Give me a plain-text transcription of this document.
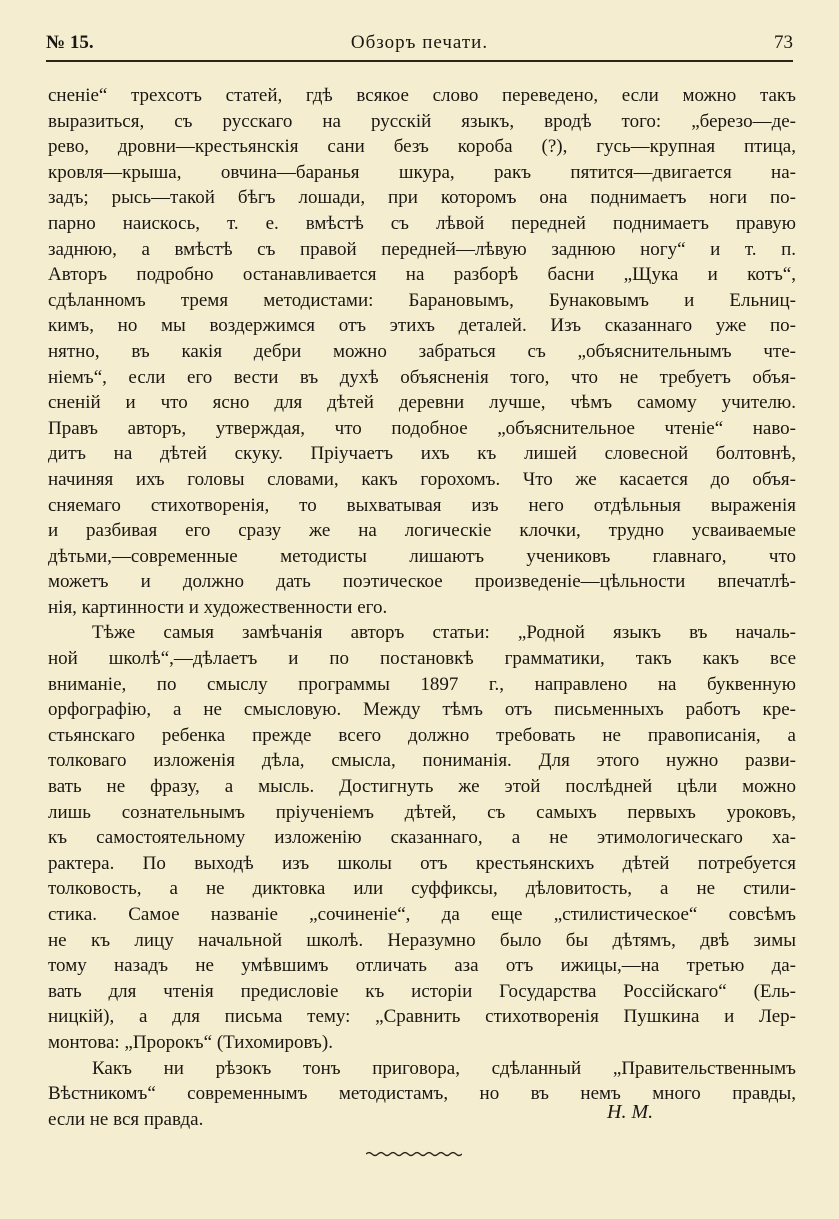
№ 15.	Обзоръ печати.	73
сненіе“ трехсотъ статей, гдѣ всякое слово переведено, если можно такъ
выразиться, съ русскаго на русскій языкъ, вродѣ того: „березо—де-
рево, дровни—крестьянскія сани безъ короба (?), гусь—крупная птица,
кровля—крыша, овчина—баранья шкура, ракъ пятится—двигается на-
задъ; рысь—такой бѣгъ лошади, при которомъ она поднимаетъ ноги по-
парно наискось, т. е. вмѣстѣ съ лѣвой передней поднимаетъ правую
заднюю, а вмѣстѣ съ правой передней—лѣвую заднюю ногу“ и т. п.
Авторъ подробно останавливается на разборѣ басни „Щука и котъ“,
сдѣланномъ тремя методистами: Барановымъ, Бунаковымъ и Ельниц-
кимъ, но мы воздержимся отъ этихъ деталей. Изъ сказаннаго уже по-
нятно, въ какія дебри можно забраться съ „объяснительнымъ чте-
ніемъ“, если его вести въ духѣ объясненія того, что не требуетъ объя-
сненій и что ясно для дѣтей деревни лучше, чѣмъ самому учителю.
Правъ авторъ, утверждая, что подобное „объяснительное чтеніе“ наво-
дитъ на дѣтей скуку. Пріучаетъ ихъ къ лишей словесной болтовнѣ,
начиняя ихъ головы словами, какъ горохомъ. Что же касается до объя-
сняемаго стихотворенія, то выхватывая изъ него отдѣльныя выраженія
и разбивая его сразу же на логическіе клочки, трудно усваиваемые
дѣтьми,—современные методисты лишаютъ учениковъ главнаго, что
можетъ и должно дать поэтическое произведеніе—цѣльности впечатлѣ-
нія, картинности и художественности его.
Тѣже самыя замѣчанія авторъ статьи: „Родной языкъ въ началь-
ной школѣ“,—дѣлаетъ и по постановкѣ грамматики, такъ какъ все
вниманіе, по смыслу программы 1897 г., направлено на буквенную
орфографію, а не смысловую. Между тѣмъ отъ письменныхъ работъ кре-
стьянскаго ребенка прежде всего должно требовать не правописанія, а
толковаго изложенія дѣла, смысла, пониманія. Для этого нужно разви-
вать не фразу, а мысль. Достигнуть же этой послѣдней цѣли можно
лишь сознательнымъ пріученіемъ дѣтей, съ самыхъ первыхъ уроковъ,
къ самостоятельному изложенію сказаннаго, а не этимологическаго ха-
рактера. По выходѣ изъ школы отъ крестьянскихъ дѣтей потребуется
толковость, а не диктовка или суффиксы, дѣловитость, а не стили-
стика. Самое названіе „сочиненіе“, да еще „стилистическое“ совсѣмъ
не къ лицу начальной школѣ. Неразумно было бы дѣтямъ, двѣ зимы
тому назадъ не умѣвшимъ отличать аза отъ ижицы,—на третью да-
вать для чтенія предисловіе къ исторіи Государства Россійскаго“ (Ель-
ницкій), а для письма тему: „Сравнить стихотворенія Пушкина и Лер-
монтова: „Пророкъ“ (Тихомировъ).
Какъ ни рѣзокъ тонъ приговора, сдѣланный „Правительственнымъ
Вѣстникомъ“ современнымъ методистамъ, но въ немъ много правды,
если не вся правда.	Н. М.
